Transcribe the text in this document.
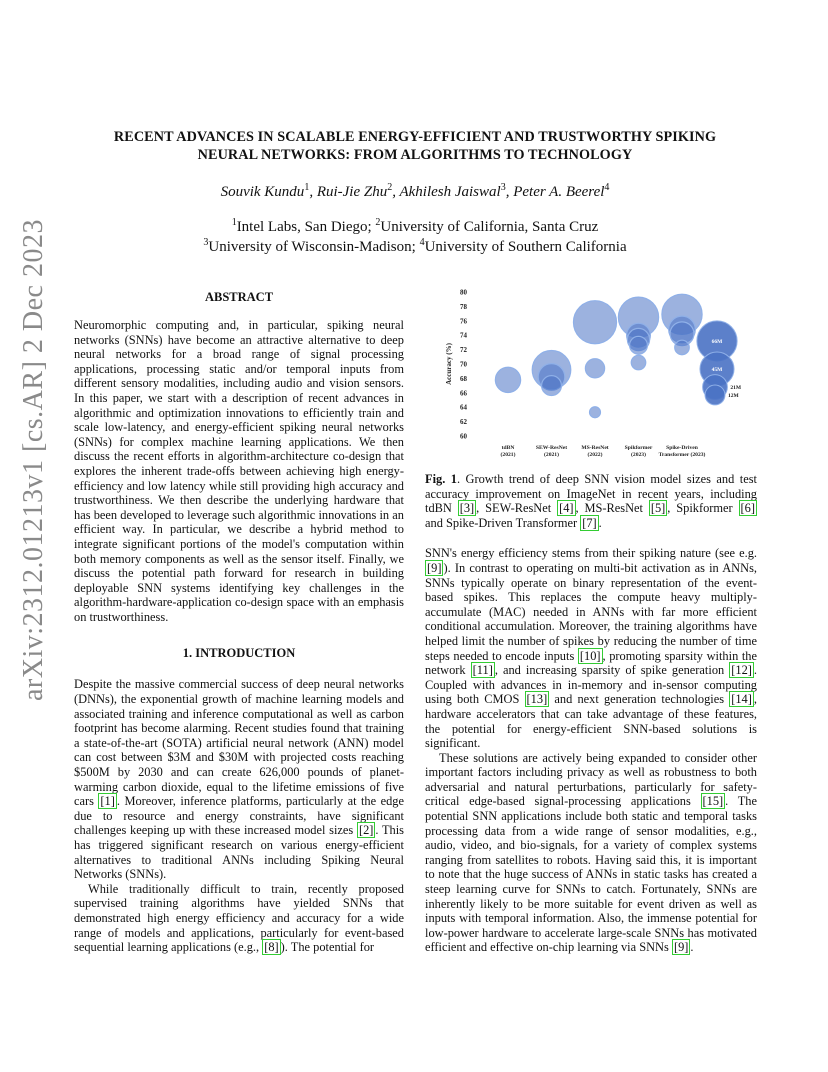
arXiv:2312.01213v1 [cs.AR] 2 Dec 2023
RECENT ADVANCES IN SCALABLE ENERGY-EFFICIENT AND TRUSTWORTHY SPIKING
NEURAL NETWORKS: FROM ALGORITHMS TO TECHNOLOGY
Souvik Kundu$^1$, Rui-Jie Zhu$^2$, Akhilesh Jaiswal$^3$, Peter A. Beerel$^4$
$^1$Intel Labs, San Diego; $^2$University of California, Santa Cruz
$^3$University of Wisconsin-Madison; $^4$University of Southern California
ABSTRACT

Neuromorphic computing and, in particular, spiking neural networks (SNNs) have become an attractive alternative to deep neural networks for a broad range of signal processing applications, processing static and/or temporal inputs from different sensory modalities, including audio and vision sensors. In this paper, we start with a description of recent advances in algorithmic and optimization innovations to efficiently train and scale low-latency, and energy-efficient spiking neural networks (SNNs) for complex machine learning applications. We then discuss the recent efforts in algorithm-architecture co-design that explores the inherent trade-offs between achieving high energy-efficiency and low latency while still providing high accuracy and trustworthiness. We then describe the underlying hardware that has been developed to leverage such algorithmic innovations in an efficient way. In particular, we describe a hybrid method to integrate significant portions of the model's computation within both memory components as well as the sensor itself. Finally, we discuss the potential path forward for research in building deployable SNN systems identifying key challenges in the algorithm-hardware-application co-design space with an emphasis on trustworthiness.

1. INTRODUCTION

Despite the massive commercial success of deep neural networks (DNNs), the exponential growth of machine learning models and associated training and inference computational as well as carbon footprint has become alarming. Recent studies found that training a state-of-the-art (SOTA) artificial neural network (ANN) model can cost between $3M and $30M with projected costs reaching $500M by 2030 and can create 626,000 pounds of planet-warming carbon dioxide, equal to the lifetime emissions of five cars [1] . Moreover, inference platforms, particularly at the edge due to resource and energy constraints, have significant challenges keeping up with these increased model sizes [2] . This has triggered significant research on various energy-efficient alternatives to traditional ANNs including Spiking Neural Networks (SNNs).

While traditionally difficult to train, recently proposed supervised training algorithms have yielded SNNs that demonstrated high energy efficiency and accuracy for a wide range of models and applications, particularly for event-based sequential learning applications (e.g., [8] ). The potential for

60
62
64
66
68
70
72
74
76
78
80
Accuracy (%)
tdBN
(2021)
SEW-ResNet
(2021)
MS-ResNet
(2022)
Spikformer
(2023)
Spike-Driven
Transformer (2023)
66M
45M
21M
12M

Fig. 1. Growth trend of deep SNN vision model sizes and test accuracy improvement on ImageNet in recent years, including tdBN [3] , SEW-ResNet [4] , MS-ResNet [5] , Spikformer [6] and Spike-Driven Transformer [7] .

SNN's energy efficiency stems from their spiking nature (see e.g. [9] ). In contrast to operating on multi-bit activation as in ANNs, SNNs typically operate on binary representation of the event-based spikes. This replaces the compute heavy multiply-accumulate (MAC) needed in ANNs with far more efficient conditional accumulation. Moreover, the training algorithms have helped limit the number of spikes by reducing the number of time steps needed to encode inputs [10] , promoting sparsity within the network [11] , and increasing sparsity of spike generation [12] . Coupled with advances in in-memory and in-sensor computing using both CMOS [13] and next generation technologies [14] , hardware accelerators that can take advantage of these features, the potential for energy-efficient SNN-based solutions is significant.

These solutions are actively being expanded to consider other important factors including privacy as well as robustness to both adversarial and natural perturbations, particularly for safety-critical edge-based signal-processing applications [15] . The potential SNN applications include both static and temporal tasks processing data from a wide range of sensor modalities, e.g., audio, video, and bio-signals, for a variety of complex systems ranging from satellites to robots. Having said this, it is important to note that the huge success of ANNs in static tasks has created a steep learning curve for SNNs to catch. Fortunately, SNNs are inherently likely to be more suitable for event driven as well as inputs with temporal information. Also, the immense potential for low-power hardware to accelerate large-scale SNNs has motivated efficient and effective on-chip learning via SNNs [9] .
